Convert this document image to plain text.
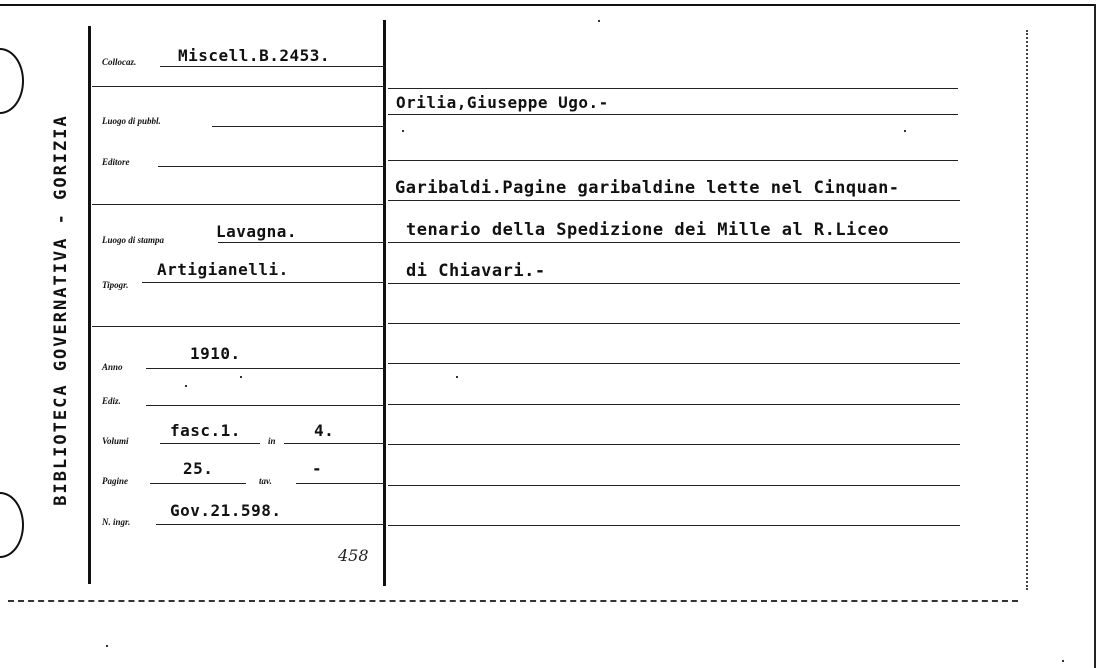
BIBLIOTECA GOVERNATIVA - GORIZIA
Collocaz.	Miscell.B.2453.
Luogo di pubbl.
Editore
Luogo di stampa	Lavagna.
Tipogr.
Artigianelli.
Anno
1910.
Ediz.
Volumi
fasc.1.
in
4.
Pagine
25.
tav.
-
N. ingr.
Gov.21.598.
458
Orilia,Giuseppe Ugo.-
Garibaldi.Pagine garibaldine lette nel Cinquan-
tenario della Spedizione dei Mille al R.Liceo
di Chiavari.-
